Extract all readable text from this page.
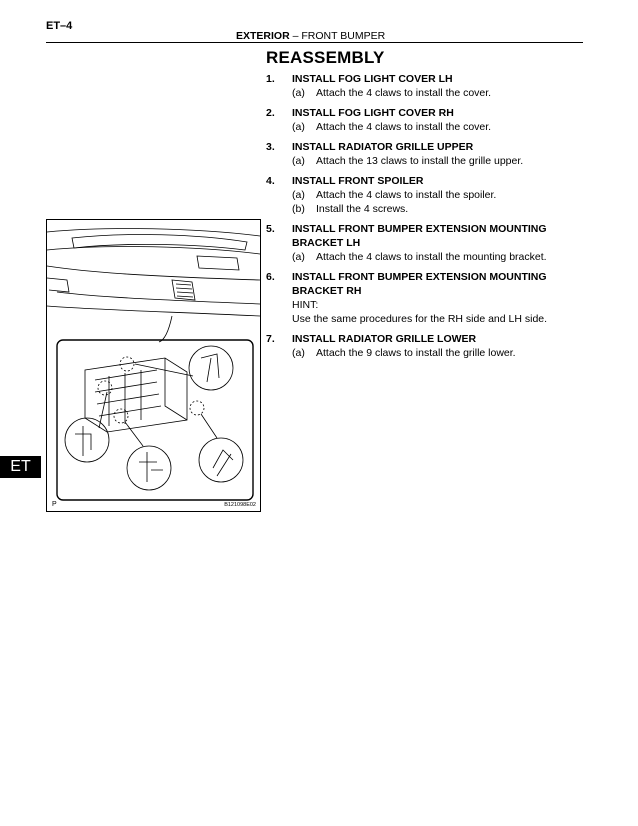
ET–4
EXTERIOR – FRONT BUMPER
REASSEMBLY
1. INSTALL FOG LIGHT COVER LH
(a) Attach the 4 claws to install the cover.
2. INSTALL FOG LIGHT COVER RH
(a) Attach the 4 claws to install the cover.
3. INSTALL RADIATOR GRILLE UPPER
(a) Attach the 13 claws to install the grille upper.
4. INSTALL FRONT SPOILER
(a) Attach the 4 claws to install the spoiler.
(b) Install the 4 screws.
5. INSTALL FRONT BUMPER EXTENSION MOUNTING BRACKET LH
(a) Attach the 4 claws to install the mounting bracket.
6. INSTALL FRONT BUMPER EXTENSION MOUNTING BRACKET RH
HINT:
Use the same procedures for the RH side and LH side.
7. INSTALL RADIATOR GRILLE LOWER
(a) Attach the 9 claws to install the grille lower.
P	B121098E02
ET
